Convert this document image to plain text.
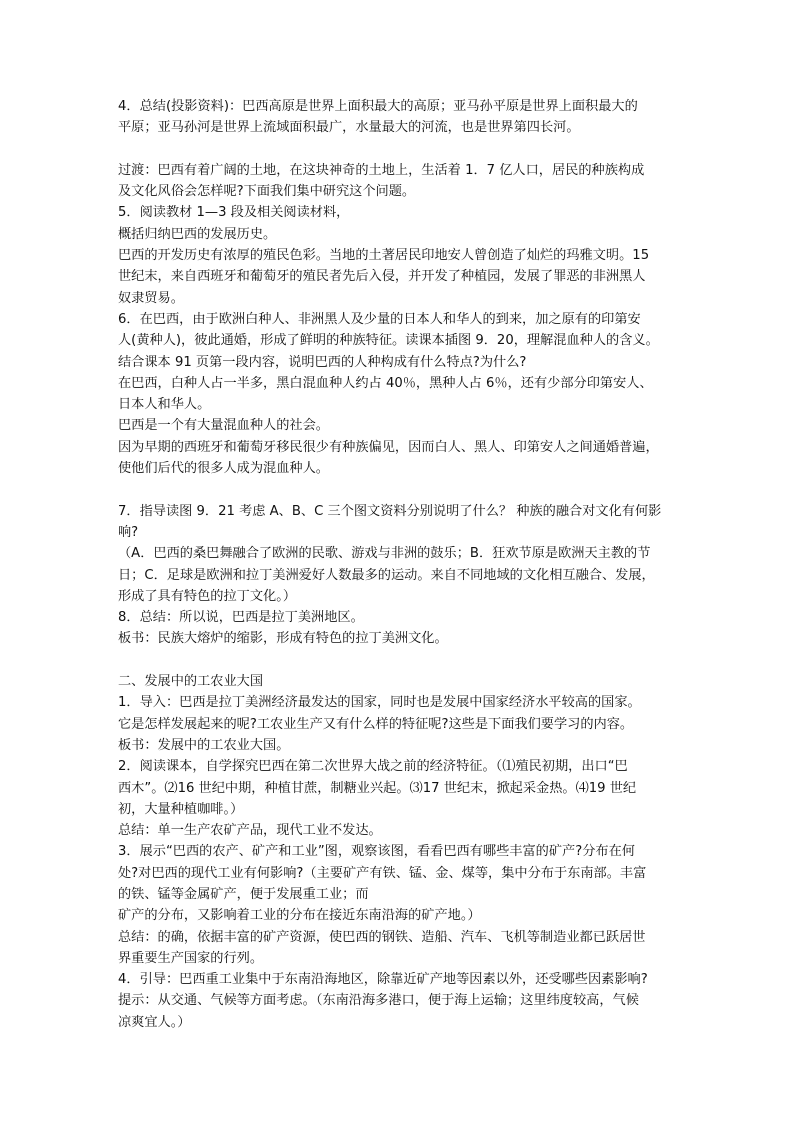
4．总结(投影资料)：巴西高原是世界上面积最大的高原；亚马孙平原是世界上面积最大的
平原；亚马孙河是世界上流域面积最广，水量最大的河流，也是世界第四长河。
过渡：巴西有着广阔的土地，在这块神奇的土地上，生活着 1．7 亿人口，居民的种族构成
及文化风俗会怎样呢?下面我们集中研究这个问题。
5．阅读教材 1—3 段及相关阅读材料，
概括归纳巴西的发展历史。
巴西的开发历史有浓厚的殖民色彩。当地的土著居民印地安人曾创造了灿烂的玛雅文明。15
世纪末，来自西班牙和葡萄牙的殖民者先后入侵，并开发了种植园，发展了罪恶的非洲黑人
奴隶贸易。
6．在巴西，由于欧洲白种人、非洲黑人及少量的日本人和华人的到来，加之原有的印第安
人(黄种人)，彼此通婚，形成了鲜明的种族特征。读课本插图 9．20，理解混血种人的含义。
结合课本 91 页第一段内容，说明巴西的人种构成有什么特点?为什么?
在巴西，白种人占一半多，黑白混血种人约占 40％，黑种人占 6％，还有少部分印第安人、
日本人和华人。
巴西是一个有大量混血种人的社会。
因为早期的西班牙和葡萄牙移民很少有种族偏见，因而白人、黑人、印第安人之间通婚普遍，
使他们后代的很多人成为混血种人。
7．指导读图 9．21 考虑 A、B、C 三个图文资料分别说明了什么？ 种族的融合对文化有何影
响?
（A．巴西的桑巴舞融合了欧洲的民歌、游戏与非洲的鼓乐；B．狂欢节原是欧洲天主教的节
日；C．足球是欧洲和拉丁美洲爱好人数最多的运动。来自不同地域的文化相互融合、发展，
形成了具有特色的拉丁文化。）
8．总结：所以说，巴西是拉丁美洲地区。
板书：民族大熔炉的缩影，形成有特色的拉丁美洲文化。
二、发展中的工农业大国
1．导入：巴西是拉丁美洲经济最发达的国家，同时也是发展中国家经济水平较高的国家。
它是怎样发展起来的呢?工农业生产又有什么样的特征呢?这些是下面我们要学习的内容。
板书：发展中的工农业大国。
2．阅读课本，自学探究巴西在第二次世界大战之前的经济特征。（⑴殖民初期，出口“巴
西木”。⑵16 世纪中期，种植甘蔗，制糖业兴起。⑶17 世纪末，掀起采金热。⑷19 世纪
初，大量种植咖啡。）
总结：单一生产农矿产品，现代工业不发达。
3．展示“巴西的农产、矿产和工业”图，观察该图，看看巴西有哪些丰富的矿产?分布在何
处?对巴西的现代工业有何影响?（主要矿产有铁、锰、金、煤等，集中分布于东南部。丰富
的铁、锰等金属矿产，便于发展重工业；而
矿产的分布，又影响着工业的分布在接近东南沿海的矿产地。）
总结：的确，依据丰富的矿产资源，使巴西的钢铁、造船、汽车、飞机等制造业都已跃居世
界重要生产国家的行列。
4．引导：巴西重工业集中于东南沿海地区，除靠近矿产地等因素以外，还受哪些因素影响?
提示：从交通、气候等方面考虑。（东南沿海多港口，便于海上运输；这里纬度较高，气候
凉爽宜人。）
